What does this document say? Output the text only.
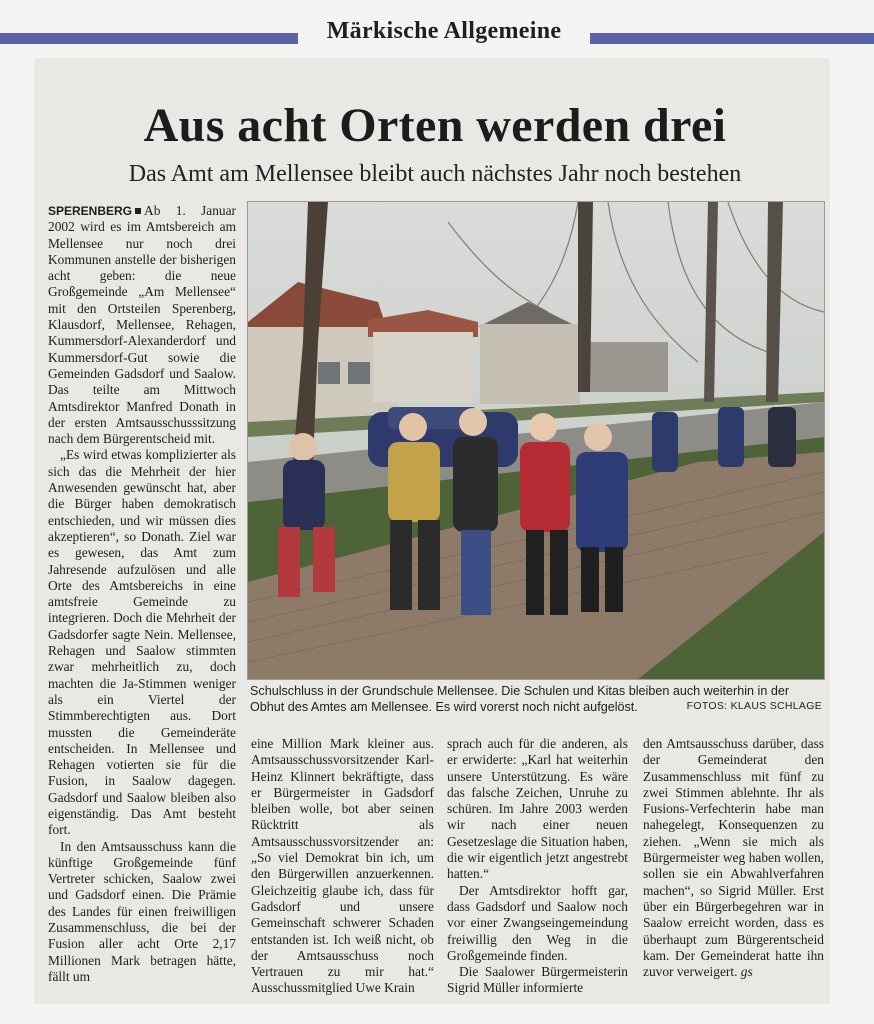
Märkische Allgemeine
Aus acht Orten werden drei
Das Amt am Mellensee bleibt auch nächstes Jahr noch bestehen

SPERENBERG Ab 1. Januar 2002 wird es im Amtsbereich am Mellensee nur noch drei Kommunen anstelle der bisherigen acht geben: die neue Großgemeinde „Am Mellensee“ mit den Ortsteilen Sperenberg, Klausdorf, Mellensee, Rehagen, Kummersdorf-Alexanderdorf und Kummersdorf-Gut sowie die Gemeinden Gadsdorf und Saalow. Das teilte am Mittwoch Amtsdirektor Manfred Donath in der ersten Amtsausschusssitzung nach dem Bürgerentscheid mit.

„Es wird etwas komplizierter als sich das die Mehrheit der hier Anwesenden gewünscht hat, aber die Bürger haben demokratisch entschieden, und wir müssen dies akzeptieren“, so Donath. Ziel war es gewesen, das Amt zum Jahresende aufzulösen und alle Orte des Amtsbereichs in eine amtsfreie Gemeinde zu integrieren. Doch die Mehrheit der Gadsdorfer sagte Nein. Mellensee, Rehagen und Saalow stimmten zwar mehrheitlich zu, doch machten die Ja-Stimmen weniger als ein Viertel der Stimmberechtigten aus. Dort mussten die Gemeinderäte entscheiden. In Mellensee und Rehagen votierten sie für die Fusion, in Saalow dagegen. Gadsdorf und Saalow bleiben also eigenständig. Das Amt besteht fort.

In den Amtsausschuss kann die künftige Großgemeinde fünf Vertreter schicken, Saalow zwei und Gadsdorf einen. Die Prämie des Landes für einen freiwilligen Zusammenschluss, die bei der Fusion aller acht Orte 2,17 Millionen Mark betragen hätte, fällt um

Schulschluss in der Grundschule Mellensee. Die Schulen und Kitas bleiben auch weiterhin in der Obhut des Amtes am Mellensee. Es wird vorerst noch nicht aufgelöst.	FOTOS: KLAUS SCHLAGE

eine Million Mark kleiner aus. Amtsausschussvorsitzender Karl-Heinz Klinnert bekräftigte, dass er Bürgermeister in Gadsdorf bleiben wolle, bot aber seinen Rücktritt als Amtsausschussvorsitzender an: „So viel Demokrat bin ich, um den Bürgerwillen anzuerkennen. Gleichzeitig glaube ich, dass für Gadsdorf und unsere Gemeinschaft schwerer Schaden entstanden ist. Ich weiß nicht, ob der Amtsausschuss noch Vertrauen zu mir hat.“ Ausschussmitglied Uwe Krain

sprach auch für die anderen, als er erwiderte: „Karl hat weiterhin unsere Unterstützung. Es wäre das falsche Zeichen, Unruhe zu schüren. Im Jahre 2003 werden wir nach einer neuen Gesetzeslage die Situation haben, die wir eigentlich jetzt angestrebt hatten.“

Der Amtsdirektor hofft gar, dass Gadsdorf und Saalow noch vor einer Zwangseingemeindung freiwillig den Weg in die Großgemeinde finden.

Die Saalower Bürgermeisterin Sigrid Müller informierte

den Amtsausschuss darüber, dass der Gemeinderat den Zusammenschluss mit fünf zu zwei Stimmen ablehnte. Ihr als Fusions-Verfechterin habe man nahegelegt, Konsequenzen zu ziehen. „Wenn sie mich als Bürgermeister weg haben wollen, sollen sie ein Abwahlverfahren machen“, so Sigrid Müller. Erst über ein Bürgerbegehren war in Saalow erreicht worden, dass es überhaupt zum Bürgerentscheid kam. Der Gemeinderat hatte ihn zuvor verweigert. gs
